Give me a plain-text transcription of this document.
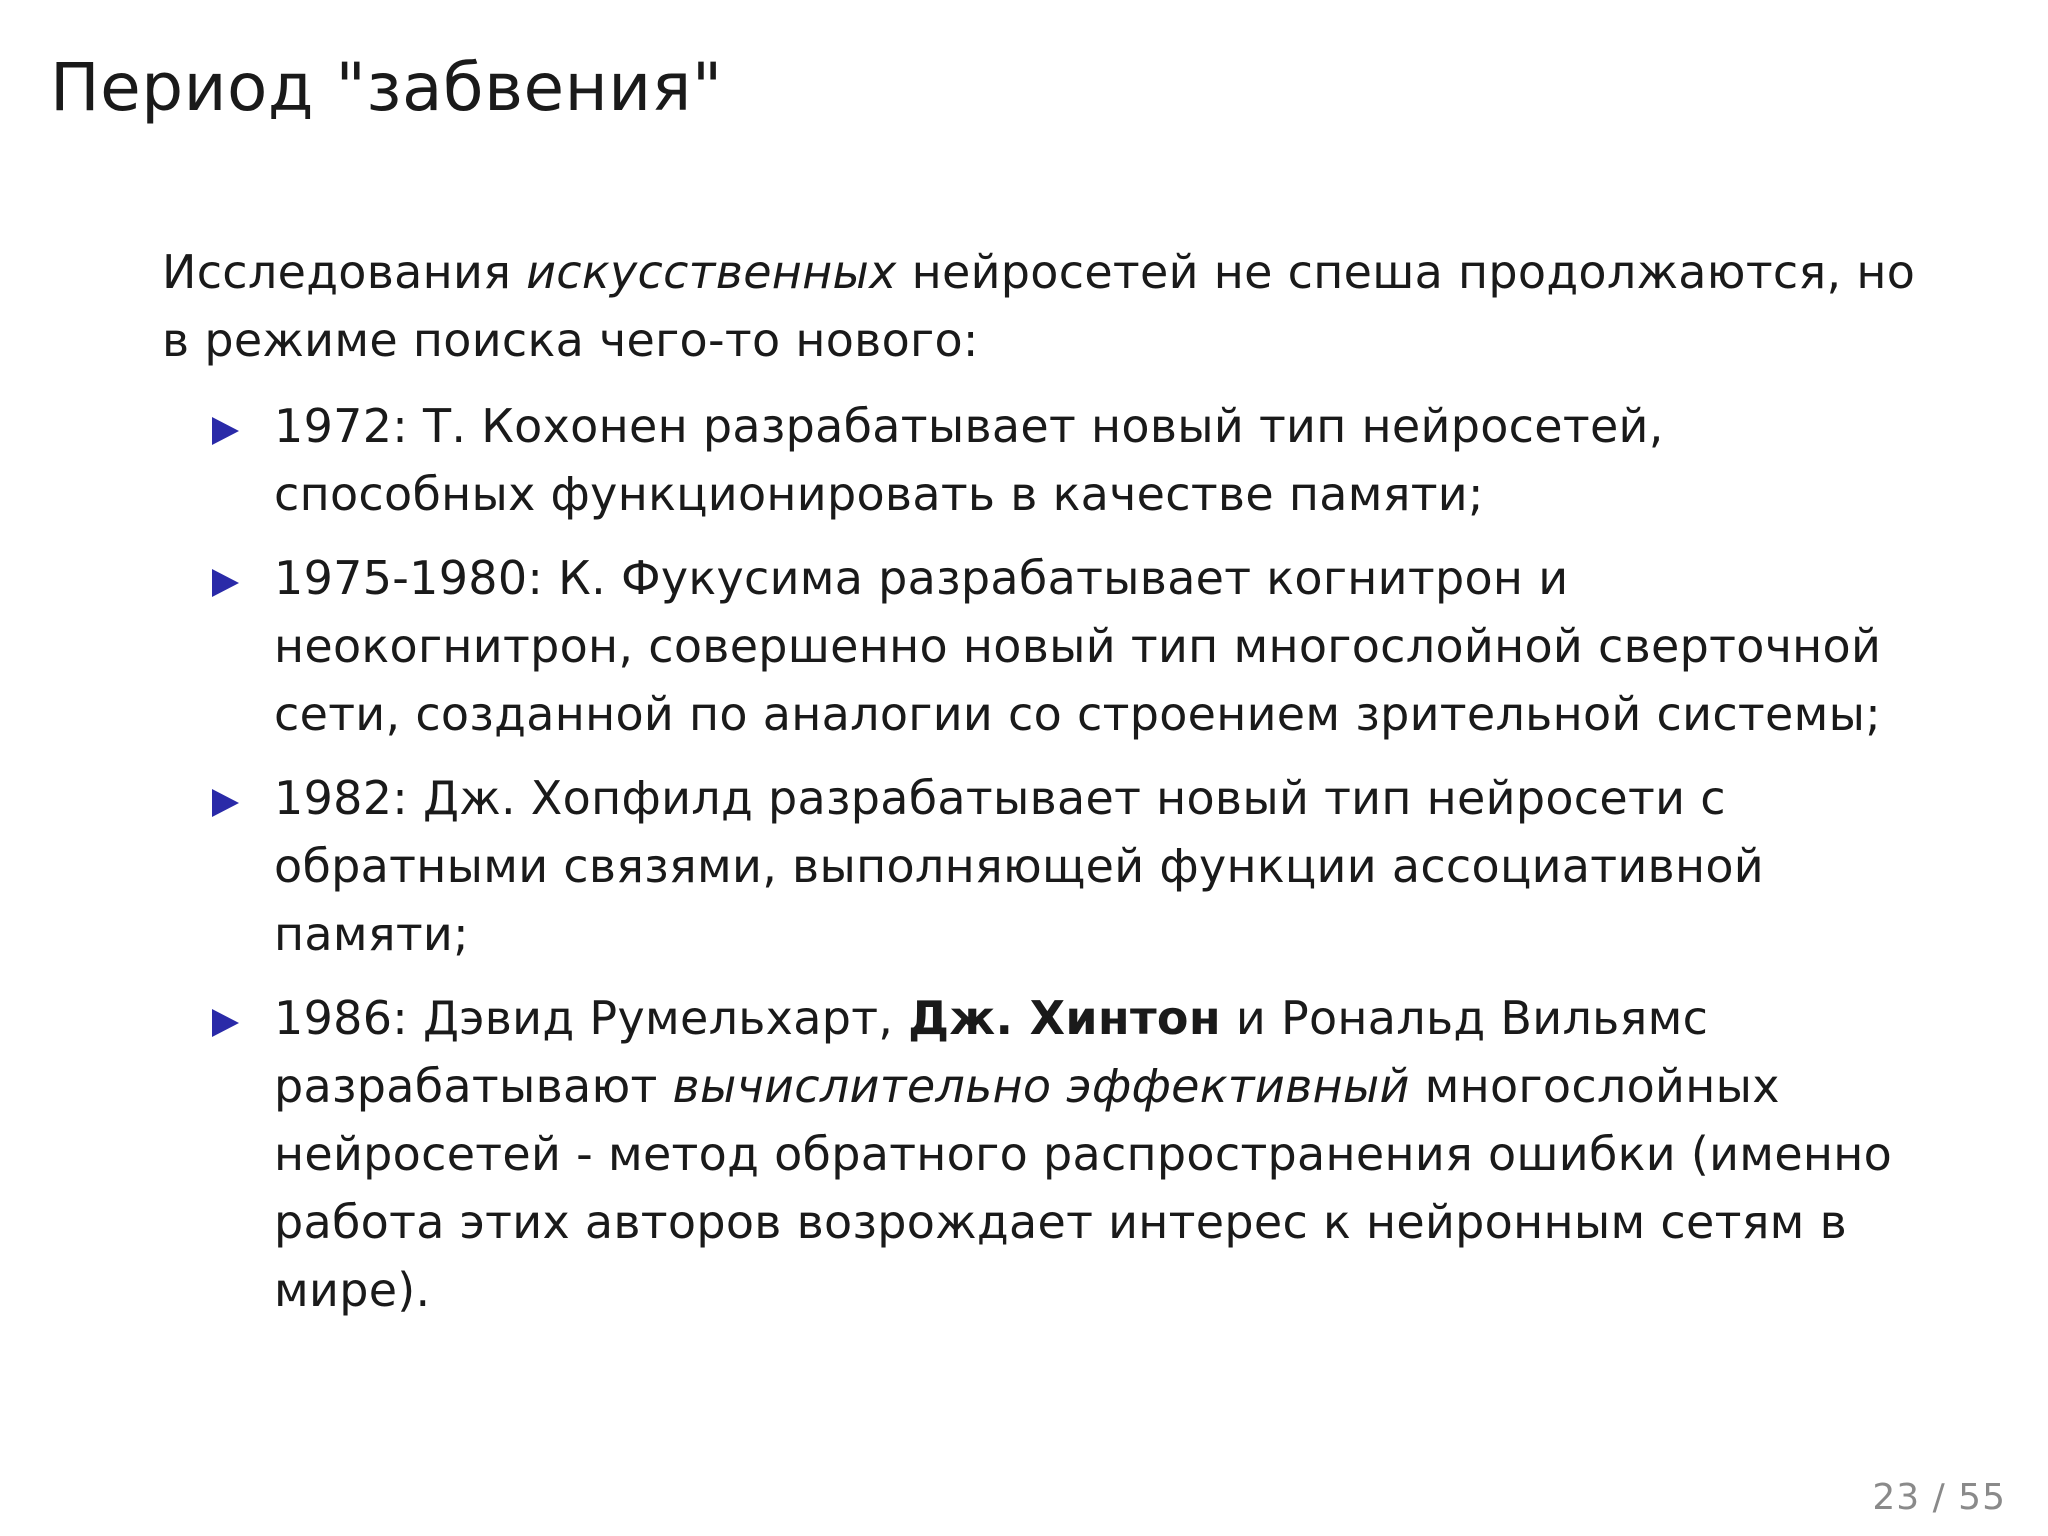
Период "забвения"

Исследования искусственных нейросетей не спеша продолжаются, но в режиме поиска чего-то нового:

1972: Т. Кохонен разрабатывает новый тип нейросетей, способных функционировать в качестве памяти;
1975-1980: К. Фукусима разрабатывает когнитрон и неокогнитрон, совершенно новый тип многослойной сверточной сети, созданной по аналогии со строением зрительной системы;
1982: Дж. Хопфилд разрабатывает новый тип нейросети с обратными связями, выполняющей функции ассоциативной памяти;
1986: Дэвид Румельхарт, Дж. Хинтон и Рональд Вильямс разрабатывают вычислительно эффективный многослойных нейросетей - метод обратного распространения ошибки (именно работа этих авторов возрождает интерес к нейронным сетям в мире).
23 / 55
